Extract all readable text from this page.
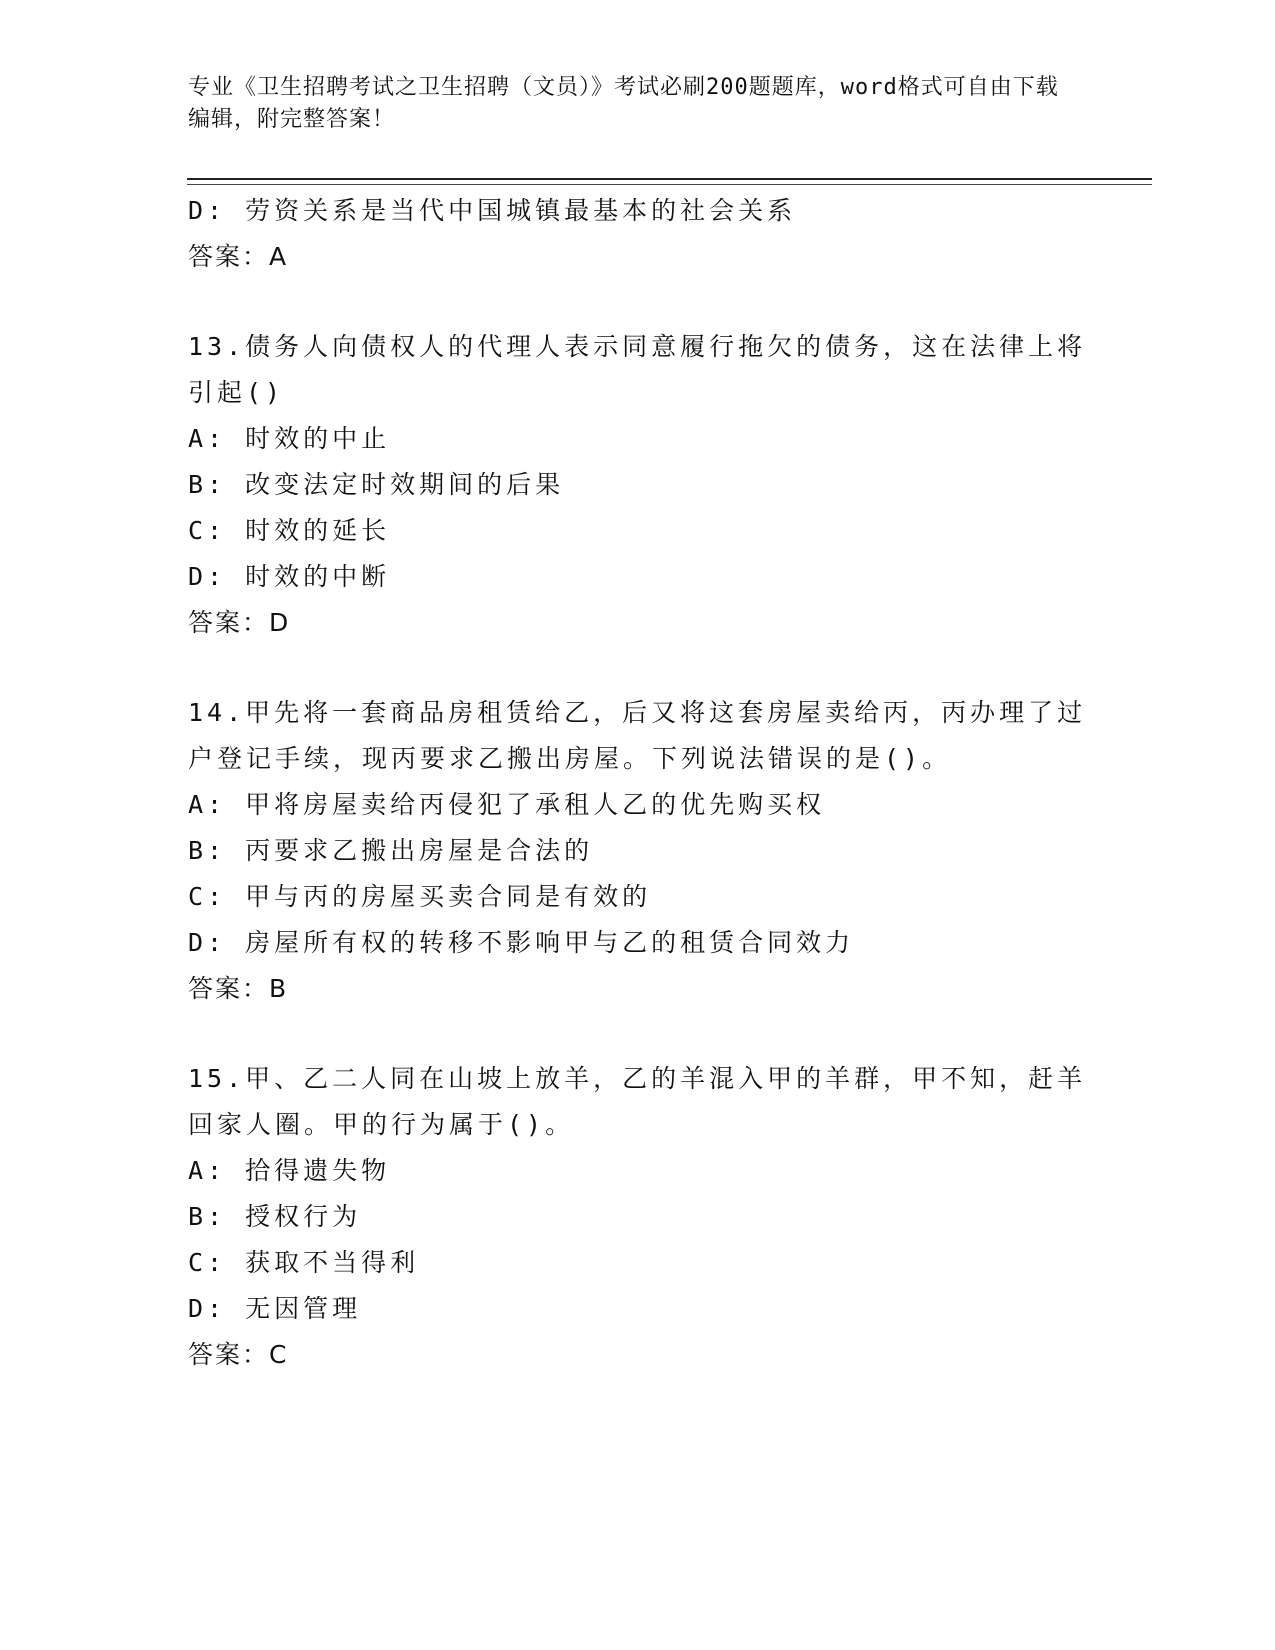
专业《卫生招聘考试之卫生招聘（文员）》考试必刷200题题库，word格式可自由下载编辑，附完整答案！
D: 劳资关系是当代中国城镇最基本的社会关系
答案：A
13.债务人向债权人的代理人表示同意履行拖欠的债务，这在法律上将引起()
A: 时效的中止
B: 改变法定时效期间的后果
C: 时效的延长
D: 时效的中断
答案：D
14.甲先将一套商品房租赁给乙，后又将这套房屋卖给丙，丙办理了过户登记手续，现丙要求乙搬出房屋。下列说法错误的是()。
A: 甲将房屋卖给丙侵犯了承租人乙的优先购买权
B: 丙要求乙搬出房屋是合法的
C: 甲与丙的房屋买卖合同是有效的
D: 房屋所有权的转移不影响甲与乙的租赁合同效力
答案：B
15.甲、乙二人同在山坡上放羊，乙的羊混入甲的羊群，甲不知，赶羊回家人圈。甲的行为属于()。
A: 拾得遗失物
B: 授权行为
C: 获取不当得利
D: 无因管理
答案：C
